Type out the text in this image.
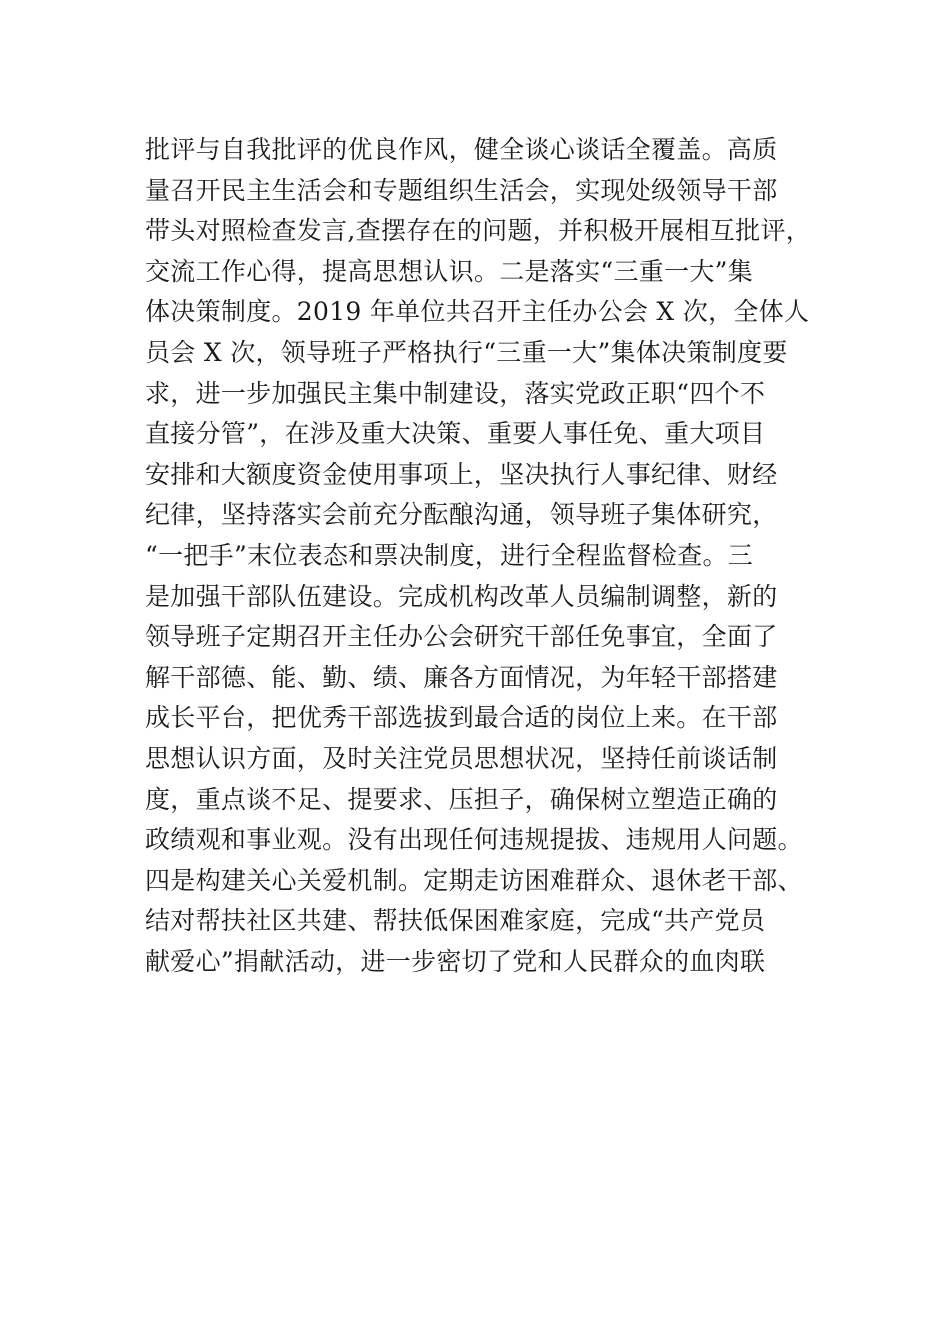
批评与自我批评的优良作风，健全谈心谈话全覆盖。高质
量召开民主生活会和专题组织生活会，实现处级领导干部
带头对照检查发言,查摆存在的问题，并积极开展相互批评，
交流工作心得，提高思想认识。二是落实“三重一大”集
体决策制度。2019 年单位共召开主任办公会 X 次，全体人
员会 X 次，领导班子严格执行“三重一大”集体决策制度要
求，进一步加强民主集中制建设，落实党政正职“四个不
直接分管”，在涉及重大决策、重要人事任免、重大项目
安排和大额度资金使用事项上，坚决执行人事纪律、财经
纪律，坚持落实会前充分酝酿沟通，领导班子集体研究，
“一把手”末位表态和票决制度，进行全程监督检查。三
是加强干部队伍建设。完成机构改革人员编制调整，新的
领导班子定期召开主任办公会研究干部任免事宜，全面了
解干部德、能、勤、绩、廉各方面情况，为年轻干部搭建
成长平台，把优秀干部选拔到最合适的岗位上来。在干部
思想认识方面，及时关注党员思想状况，坚持任前谈话制
度，重点谈不足、提要求、压担子，确保树立塑造正确的
政绩观和事业观。没有出现任何违规提拔、违规用人问题。
四是构建关心关爱机制。定期走访困难群众、退休老干部、
结对帮扶社区共建、帮扶低保困难家庭，完成“共产党员
献爱心”捐献活动，进一步密切了党和人民群众的血肉联
